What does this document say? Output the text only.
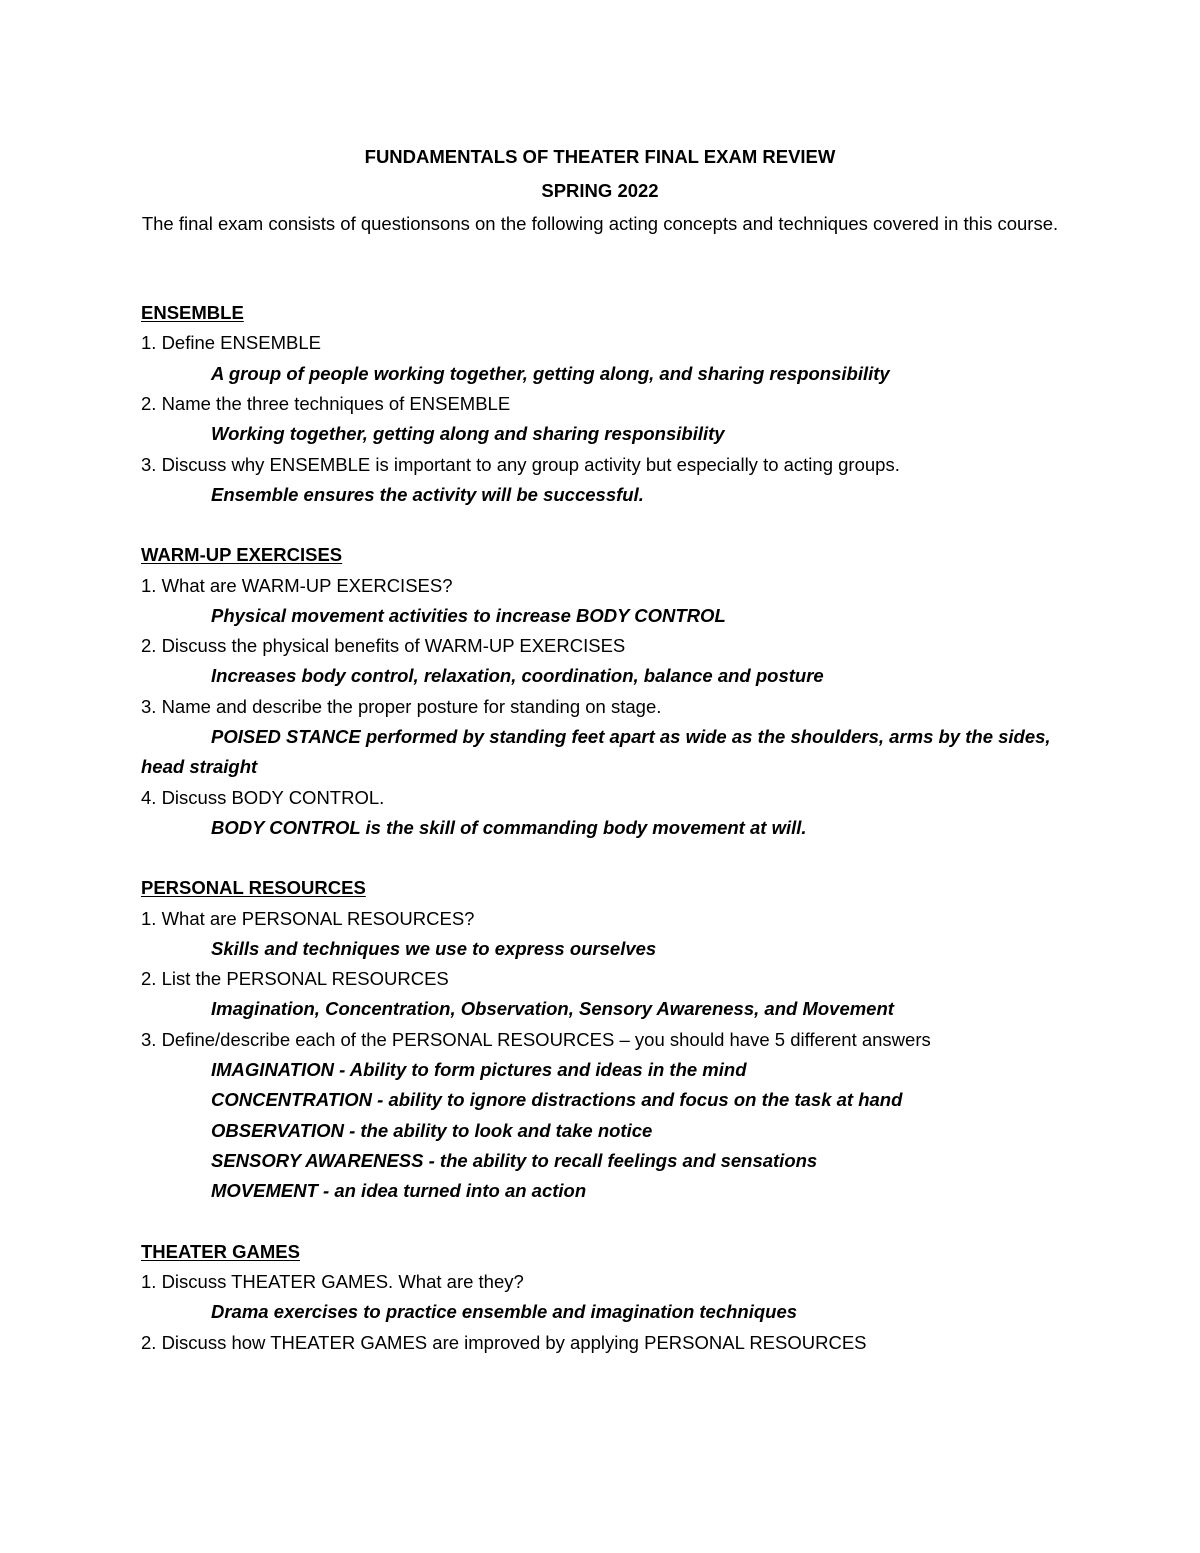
FUNDAMENTALS OF THEATER FINAL EXAM REVIEW
SPRING 2022
The final exam consists of questionsons on the following acting concepts and techniques covered in this course.
ENSEMBLE
1. Define ENSEMBLE
A group of people working together, getting along, and sharing responsibility
2. Name the three techniques of ENSEMBLE
Working together, getting along and sharing responsibility
3. Discuss why ENSEMBLE is important to any group activity but especially to acting groups.
Ensemble ensures the activity will be successful.
WARM-UP EXERCISES
1. What are WARM-UP EXERCISES?
Physical movement activities to increase BODY CONTROL
2. Discuss the physical benefits of WARM-UP EXERCISES
Increases body control, relaxation, coordination, balance and posture
3. Name and describe the proper posture for standing on stage.
POISED STANCE performed by standing feet apart as wide as the shoulders, arms by the sides,
head straight
4. Discuss BODY CONTROL.
BODY CONTROL is the skill of commanding body movement at will.
PERSONAL RESOURCES
1. What are PERSONAL RESOURCES?
Skills and techniques we use to express ourselves
2. List the PERSONAL RESOURCES
Imagination, Concentration, Observation, Sensory Awareness, and Movement
3. Define/describe each of the PERSONAL RESOURCES – you should have 5 different answers
IMAGINATION - Ability to form pictures and ideas in the mind
CONCENTRATION - ability to ignore distractions and focus on the task at hand
OBSERVATION - the ability to look and take notice
SENSORY AWARENESS - the ability to recall feelings and sensations
MOVEMENT - an idea turned into an action
THEATER GAMES
1. Discuss THEATER GAMES. What are they?
Drama exercises to practice ensemble and imagination techniques
2. Discuss how THEATER GAMES are improved by applying PERSONAL RESOURCES
